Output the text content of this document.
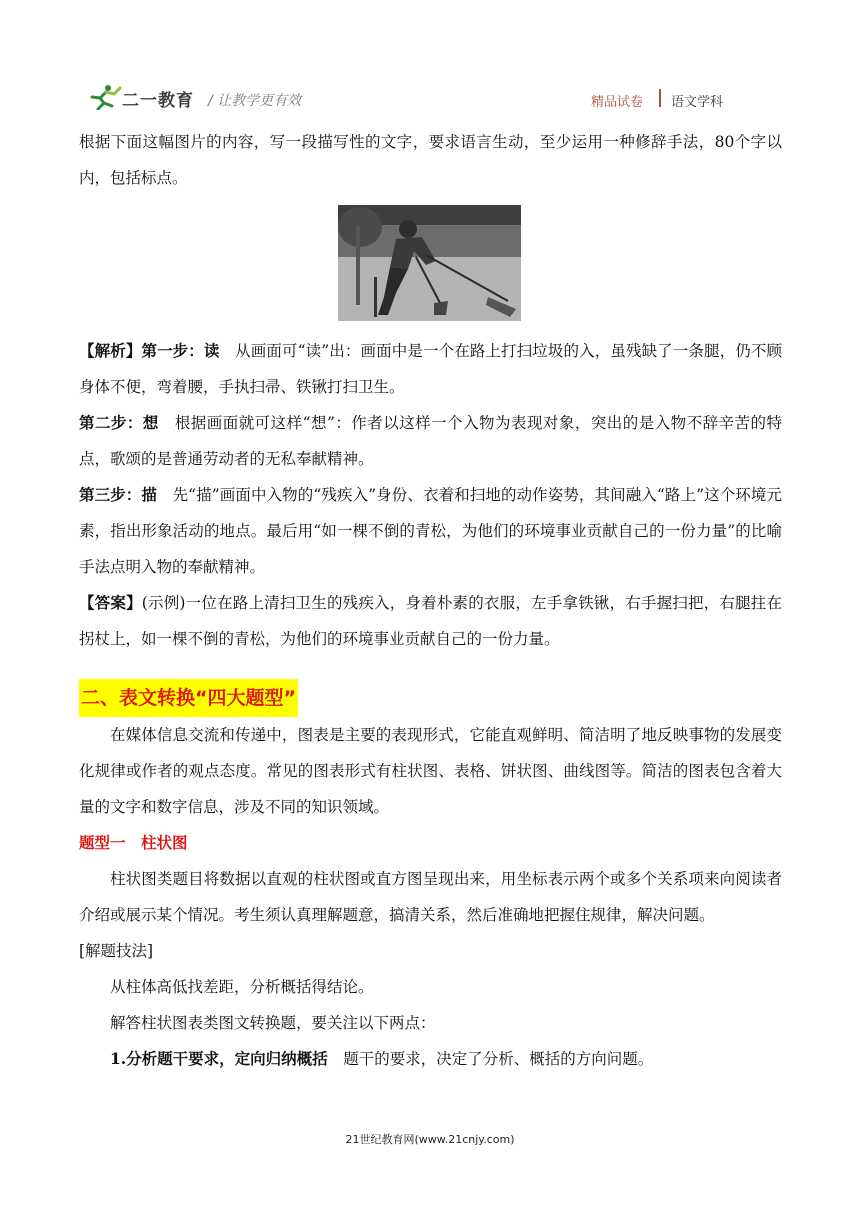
二一教育 / 让教学更有效	精品试卷 语文学科

根据下面这幅图片的内容，写一段描写性的文字，要求语言生动，至少运用一种修辞手法，80个字以内，包括标点。

【解析】第一步：读　从画面可“读”出：画面中是一个在路上打扫垃圾的入，虽残缺了一条腿，仍不顾身体不便，弯着腰，手执扫帚、铁锹打扫卫生。

第二步：想　根据画面就可这样“想”：作者以这样一个入物为表现对象，突出的是入物不辞辛苦的特点，歌颂的是普通劳动者的无私奉献精神。

第三步：描　先“描”画面中入物的“残疾入”身份、衣着和扫地的动作姿势，其间融入“路上”这个环境元素，指出形象活动的地点。最后用“如一棵不倒的青松，为他们的环境事业贡献自己的一份力量”的比喻手法点明入物的奉献精神。

【答案】(示例)一位在路上清扫卫生的残疾入，身着朴素的衣服，左手拿铁锹，右手握扫把，右腿拄在拐杖上，如一棵不倒的青松，为他们的环境事业贡献自己的一份力量。

二、表文转换“四大题型”

在媒体信息交流和传递中，图表是主要的表现形式，它能直观鲜明、简洁明了地反映事物的发展变化规律或作者的观点态度。常见的图表形式有柱状图、表格、饼状图、曲线图等。简洁的图表包含着大量的文字和数字信息，涉及不同的知识领域。

题型一　柱状图

柱状图类题目将数据以直观的柱状图或直方图呈现出来，用坐标表示两个或多个关系项来向阅读者介绍或展示某个情况。考生须认真理解题意，搞清关系，然后准确地把握住规律，解决问题。

[解题技法]

从柱体高低找差距，分析概括得结论。

解答柱状图表类图文转换题，要关注以下两点：

1.分析题干要求，定向归纳概括　题干的要求，决定了分析、概括的方向问题。

21世纪教育网(www.21cnjy.com)
